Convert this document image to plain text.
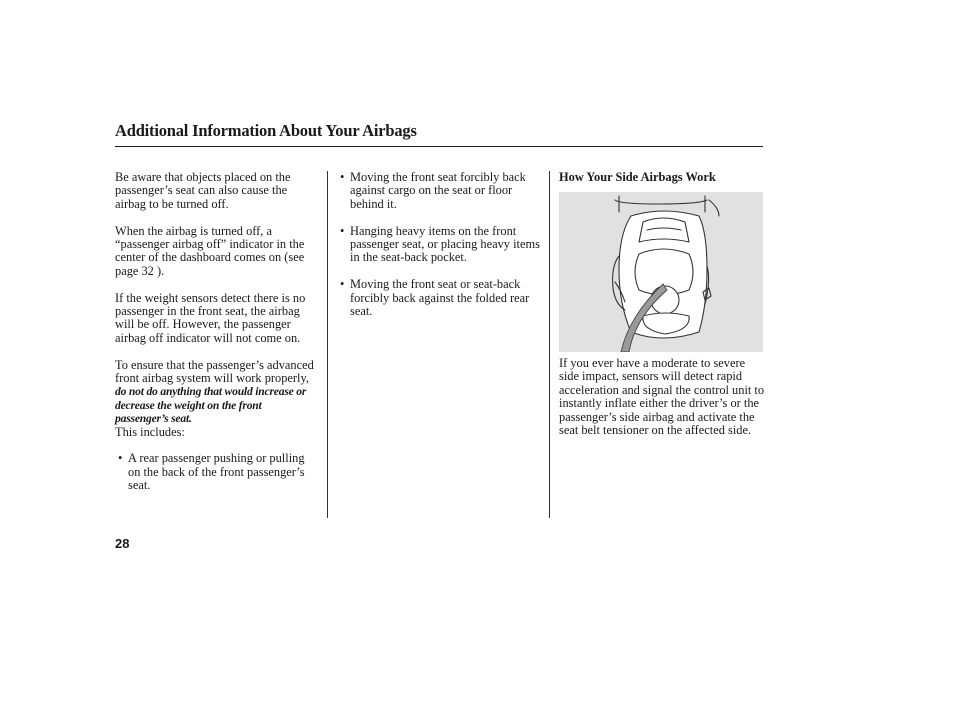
Additional Information About Your Airbags

Be aware that objects placed on the passenger’s seat can also cause the airbag to be turned off.

When the airbag is turned off, a “passenger airbag off” indicator in the center of the dashboard comes on (see page 32 ).

If the weight sensors detect there is no passenger in the front seat, the airbag will be off. However, the passenger airbag off indicator will not come on.

To ensure that the passenger’s advanced front airbag system will work properly, do not do anything that would increase or decrease the weight on the front passenger’s seat.
This includes:

• A rear passenger pushing or pulling on the back of the front passenger’s seat.
• Moving the front seat forcibly back against cargo on the seat or floor behind it.
• Hanging heavy items on the front passenger seat, or placing heavy items in the seat-back pocket.
• Moving the front seat or seat-back forcibly back against the folded rear seat.
How Your Side Airbags Work
If you ever have a moderate to severe side impact, sensors will detect rapid acceleration and signal the control unit to instantly inflate either the driver’s or the passenger’s side airbag and activate the seat belt tensioner on the affected side.
28
